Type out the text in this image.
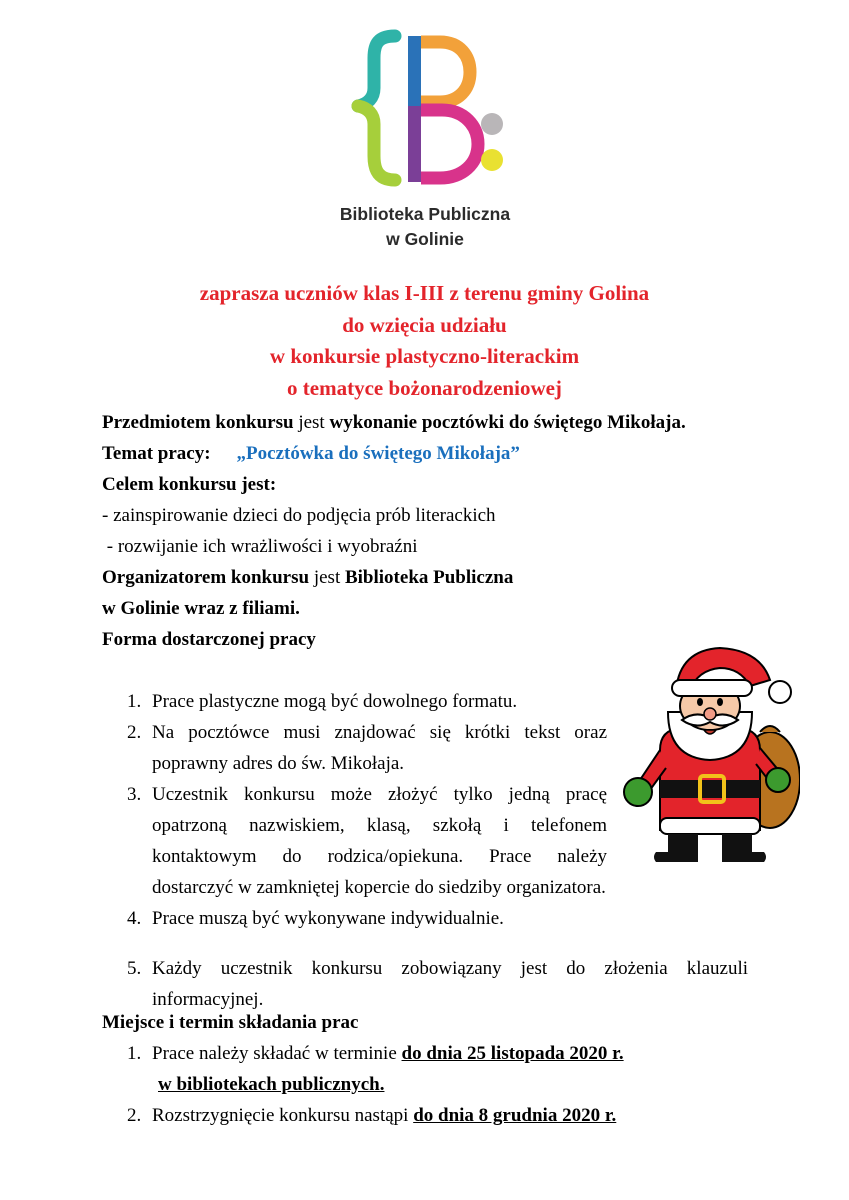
Biblioteka Publiczna
w Golinie
zaprasza uczniów klas I-III z terenu gminy Golina
do wzięcia udziału
w konkursie plastyczno-literackim
o tematyce bożonarodzeniowej

Przedmiotem konkursu jest wykonanie pocztówki do świętego Mikołaja.

Temat pracy: „Pocztówka do świętego Mikołaja”

Celem konkursu jest:

- zainspirowanie dzieci do podjęcia prób literackich

- rozwijanie ich wrażliwości i wyobraźni

Organizatorem konkursu jest Biblioteka Publiczna

w Golinie wraz z filiami.

Forma dostarczonej pracy

1. Prace plastyczne mogą być dowolnego formatu.
2. Na pocztówce musi znajdować się krótki tekst oraz poprawny adres do św. Mikołaja.
3. Uczestnik konkursu może złożyć tylko jedną pracę opatrzoną nazwiskiem, klasą, szkołą i telefonem kontaktowym do rodzica/opiekuna. Prace należy dostarczyć w zamkniętej kopercie do siedziby organizatora.
4. Prace muszą być wykonywane indywidualnie.
5. Każdy uczestnik konkursu zobowiązany jest do złożenia klauzuli informacyjnej.
Miejsce i termin składania prac
1. Prace należy składać w terminie do dnia 25 listopada 2020 r.
w bibliotekach publicznych.
2. Rozstrzygnięcie konkursu nastąpi do dnia 8 grudnia 2020 r.
